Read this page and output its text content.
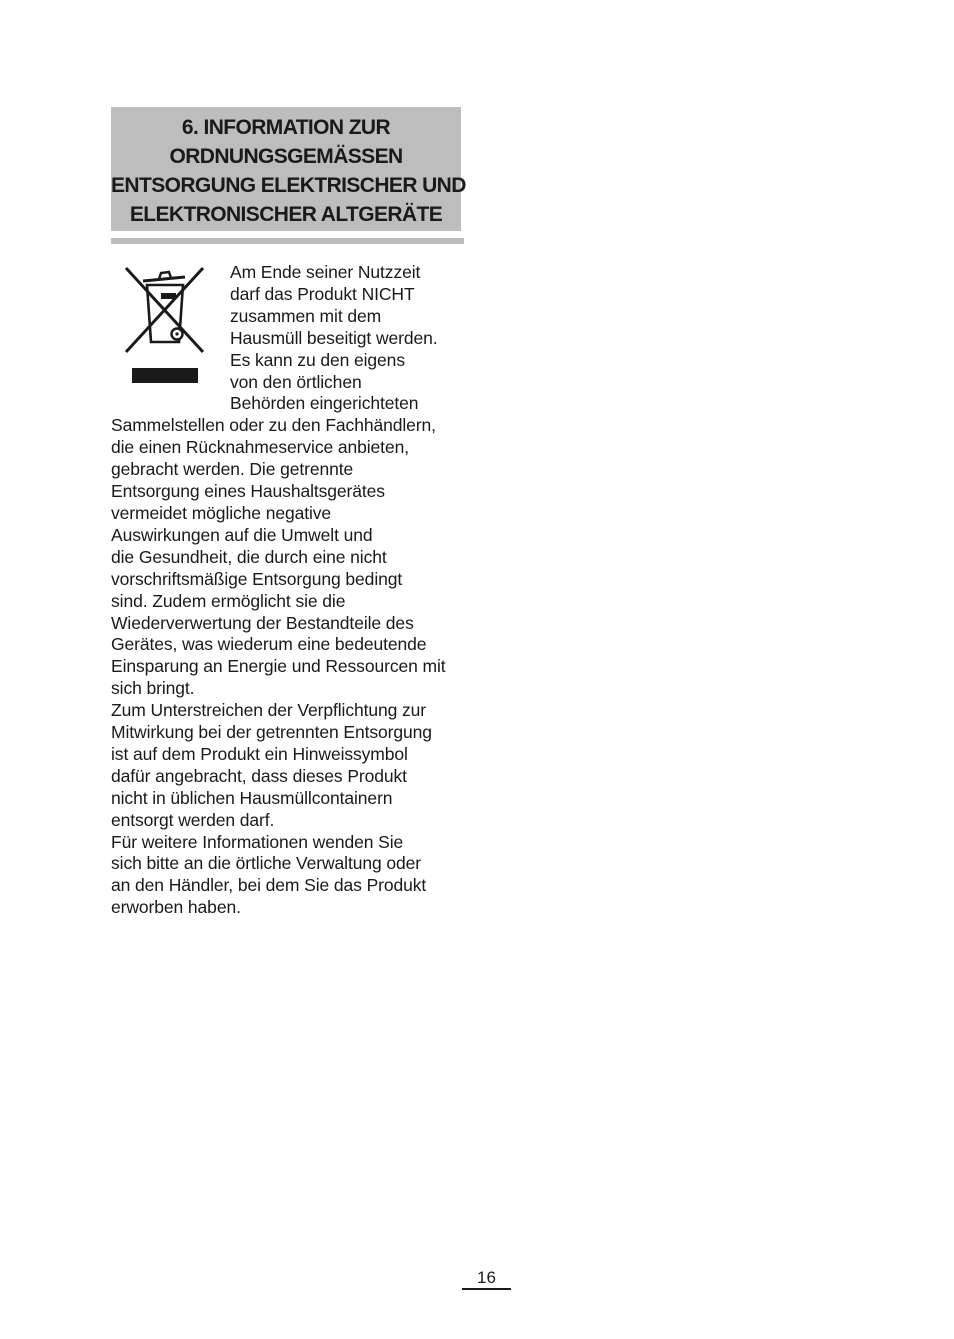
6. INFORMATION ZUR
ORDNUNGSGEMÄSSEN
ENTSORGUNG ELEKTRISCHER UND
ELEKTRONISCHER ALTGERÄTE
Am Ende seiner Nutzzeit
darf das Produkt NICHT
zusammen mit dem
Hausmüll beseitigt werden.
Es kann zu den eigens
von den örtlichen
Behörden eingerichteten
Sammelstellen oder zu den Fachhändlern,
die einen Rücknahmeservice anbieten,
gebracht werden. Die getrennte
Entsorgung eines Haushaltsgerätes
vermeidet mögliche negative
Auswirkungen auf die Umwelt und
die Gesundheit, die durch eine nicht
vorschriftsmäßige Entsorgung bedingt
sind. Zudem ermöglicht sie die
Wiederverwertung der Bestandteile des
Gerätes, was wiederum eine bedeutende
Einsparung an Energie und Ressourcen mit
sich bringt.
Zum Unterstreichen der Verpflichtung zur
Mitwirkung bei der getrennten Entsorgung
ist auf dem Produkt ein Hinweissymbol
dafür angebracht, dass dieses Produkt
nicht in üblichen Hausmüllcontainern
entsorgt werden darf.
Für weitere Informationen wenden Sie
sich bitte an die örtliche Verwaltung oder
an den Händler, bei dem Sie das Produkt
erworben haben.
16
